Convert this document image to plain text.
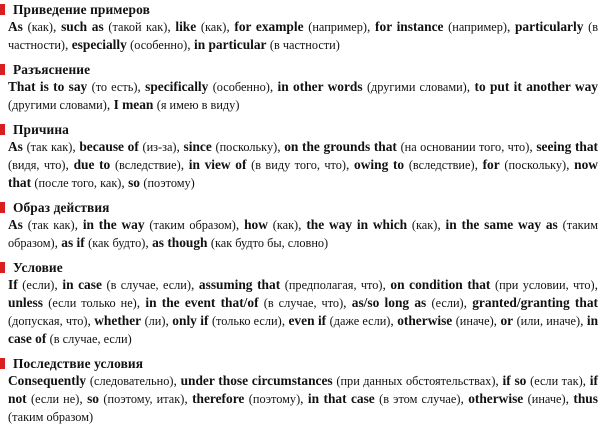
Приведение примеров
As (как), such as (такой как), like (как), for example (например), for instance (например), particularly (в частности), especially (особенно), in particular (в частности)
Разъяснение
That is to say (то есть), specifically (особенно), in other words (другими словами), to put it another way (другими словами), I mean (я имею в виду)
Причина
As (так как), because of (из-за), since (поскольку), on the grounds that (на основании того, что), seeing that (видя, что), due to (вследствие), in view of (в виду того, что), owing to (вследствие), for (поскольку), now that (после того, как), so (поэтому)
Образ действия
As (так как), in the way (таким образом), how (как), the way in which (как), in the same way as (таким образом), as if (как будто), as though (как будто бы, словно)
Условие
If (если), in case (в случае, если), assuming that (предполагая, что), on condition that (при условии, что), unless (если только не), in the event that/of (в случае, что), as/so long as (если), granted/granting that (допуская, что), whether (ли), only if (только если), even if (даже если), otherwise (иначе), or (или, иначе), in case of (в случае, если)
Последствие условия
Consequently (следовательно), under those circumstances (при данных обстоятельствах), if so (если так), if not (если не), so (поэтому, итак), therefore (поэтому), in that case (в этом случае), otherwise (иначе), thus (таким образом)
